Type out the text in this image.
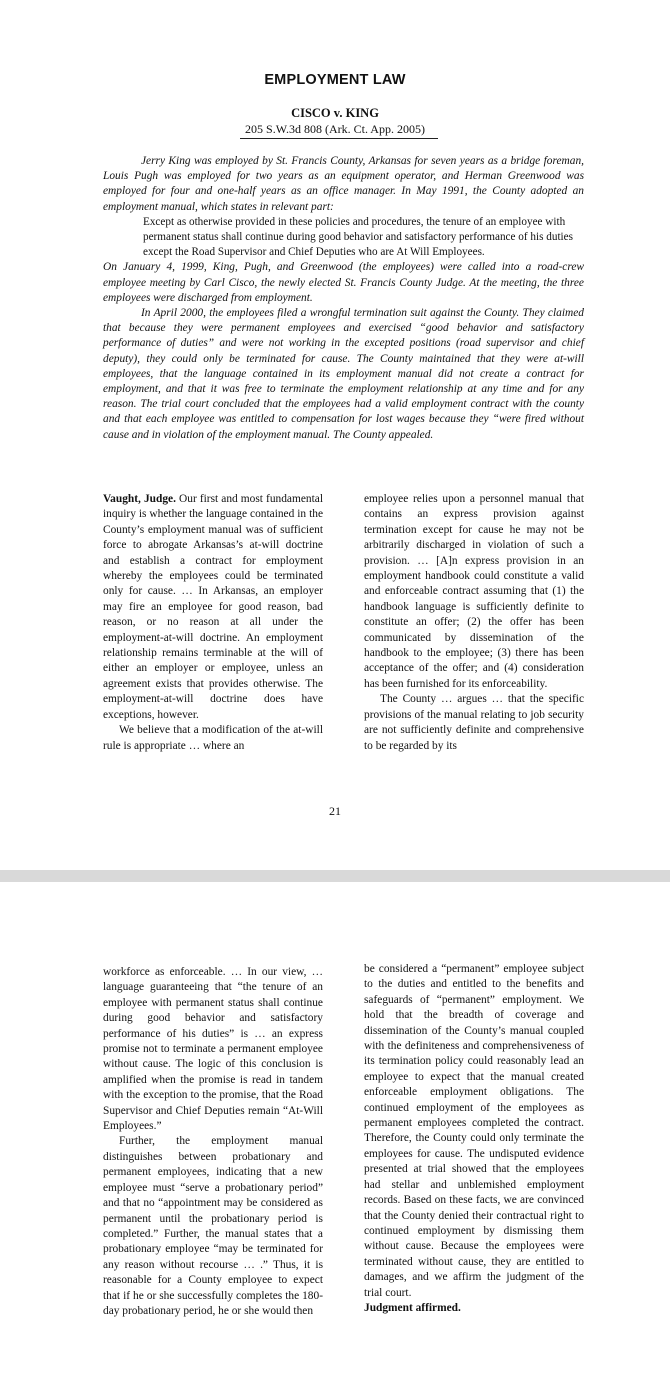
EMPLOYMENT LAW
CISCO v. KING
205 S.W.3d 808 (Ark. Ct. App. 2005)

Jerry King was employed by St. Francis County, Arkansas for seven years as a bridge foreman, Louis Pugh was employed for two years as an equipment operator, and Herman Greenwood was employed for four and one-half years as an office manager. In May 1991, the County adopted an employment manual, which states in relevant part:

Except as otherwise provided in these policies and procedures, the tenure of an employee with permanent status shall continue during good behavior and satisfactory performance of his duties except the Road Supervisor and Chief Deputies who are At Will Employees.

On January 4, 1999, King, Pugh, and Greenwood (the employees) were called into a road-crew employee meeting by Carl Cisco, the newly elected St. Francis County Judge. At the meeting, the three employees were discharged from employment.

In April 2000, the employees filed a wrongful termination suit against the County. They claimed that because they were permanent employees and exercised “good behavior and satisfactory performance of duties” and were not working in the excepted positions (road supervisor and chief deputy), they could only be terminated for cause. The County maintained that they were at-will employees, that the language contained in its employment manual did not create a contract for employment, and that it was free to terminate the employment relationship at any time and for any reason. The trial court concluded that the employees had a valid employment contract with the county and that each employee was entitled to compensation for lost wages because they “were fired without cause and in violation of the employment manual. The County appealed.

Vaught, Judge. Our first and most fundamental inquiry is whether the language contained in the County’s employment manual was of sufficient force to abrogate Arkansas’s at-will doctrine and establish a contract for employment whereby the employees could be terminated only for cause. … In Arkansas, an employer may fire an employee for good reason, bad reason, or no reason at all under the employment-at-will doctrine. An employment relationship remains terminable at the will of either an employer or employee, unless an agreement exists that provides otherwise. The employment-at-will doctrine does have exceptions, however.

We believe that a modification of the at-will rule is appropriate … where an

employee relies upon a personnel manual that contains an express provision against termination except for cause he may not be arbitrarily discharged in violation of such a provision. … [A]n express provision in an employment handbook could constitute a valid and enforceable contract assuming that (1) the handbook language is sufficiently definite to constitute an offer; (2) the offer has been communicated by dissemination of the handbook to the employee; (3) there has been acceptance of the offer; and (4) consideration has been furnished for its enforceability.

The County … argues … that the specific provisions of the manual relating to job security are not sufficiently definite and comprehensive to be regarded by its

21

workforce as enforceable. … In our view, … language guaranteeing that “the tenure of an employee with permanent status shall continue during good behavior and satisfactory performance of his duties” is … an express promise not to terminate a permanent employee without cause. The logic of this conclusion is amplified when the promise is read in tandem with the exception to the promise, that the Road Supervisor and Chief Deputies remain “At-Will Employees.”

Further, the employment manual distinguishes between probationary and permanent employees, indicating that a new employee must “serve a probationary period” and that no “appointment may be considered as permanent until the probationary period is completed.” Further, the manual states that a probationary employee “may be terminated for any reason without recourse … .” Thus, it is reasonable for a County employee to expect that if he or she successfully completes the 180-day probationary period, he or she would then

be considered a “permanent” employee subject to the duties and entitled to the benefits and safeguards of “permanent” employment. We hold that the breadth of coverage and dissemination of the County’s manual coupled with the definiteness and comprehensiveness of its termination policy could reasonably lead an employee to expect that the manual created enforceable employment obligations. The continued employment of the employees as permanent employees completed the contract. Therefore, the County could only terminate the employees for cause. The undisputed evidence presented at trial showed that the employees had stellar and unblemished employment records. Based on these facts, we are convinced that the County denied their contractual right to continued employment by dismissing them without cause. Because the employees were terminated without cause, they are entitled to damages, and we affirm the judgment of the trial court.

Judgment affirmed.
